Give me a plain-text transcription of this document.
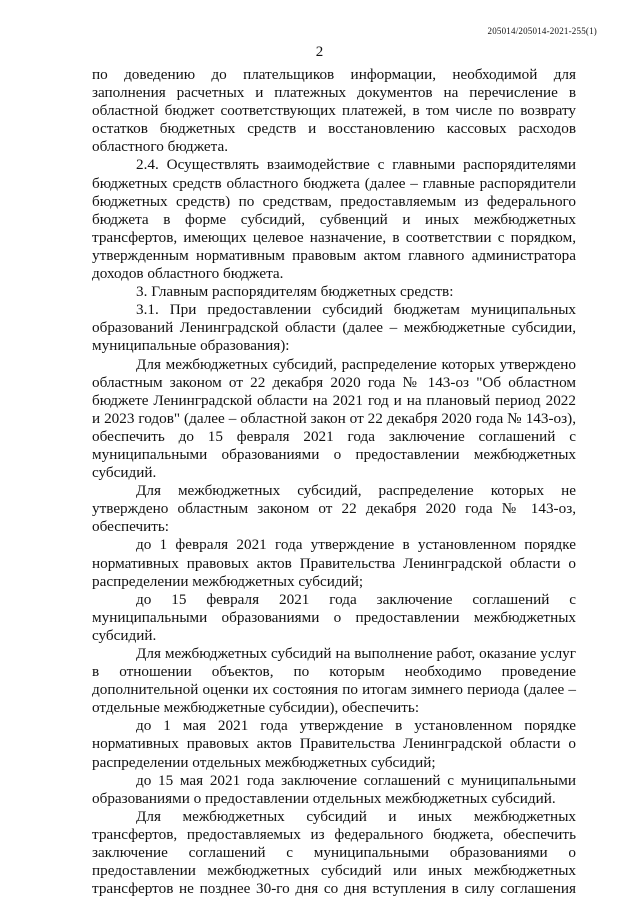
205014/205014-2021-255(1)
2

по доведению до плательщиков информации, необходимой для заполнения расчетных и платежных документов на перечисление в областной бюджет соответствующих платежей, в том числе по возврату остатков бюджетных средств и восстановлению кассовых расходов областного бюджета.

2.4. Осуществлять взаимодействие с главными распорядителями бюджетных средств областного бюджета (далее – главные распорядители бюджетных средств) по средствам, предоставляемым из федерального бюджета в форме субсидий, субвенций и иных межбюджетных трансфертов, имеющих целевое назначение, в соответствии с порядком, утвержденным нормативным правовым актом главного администратора доходов областного бюджета.

3. Главным распорядителям бюджетных средств:

3.1. При предоставлении субсидий бюджетам муниципальных образований Ленинградской области (далее – межбюджетные субсидии, муниципальные образования):

Для межбюджетных субсидий, распределение которых утверждено областным законом от 22 декабря 2020 года № 143-оз "Об областном бюджете Ленинградской области на 2021 год и на плановый период 2022 и 2023 годов" (далее – областной закон от 22 декабря 2020 года № 143-оз), обеспечить до 15 февраля 2021 года заключение соглашений с муниципальными образованиями о предоставлении межбюджетных субсидий.

Для межбюджетных субсидий, распределение которых не утверждено областным законом от 22 декабря 2020 года № 143-оз, обеспечить:

до 1 февраля 2021 года утверждение в установленном порядке нормативных правовых актов Правительства Ленинградской области о распределении межбюджетных субсидий;

до 15 февраля 2021 года заключение соглашений с муниципальными образованиями о предоставлении межбюджетных субсидий.

Для межбюджетных субсидий на выполнение работ, оказание услуг в отношении объектов, по которым необходимо проведение дополнительной оценки их состояния по итогам зимнего периода (далее – отдельные межбюджетные субсидии), обеспечить:

до 1 мая 2021 года утверждение в установленном порядке нормативных правовых актов Правительства Ленинградской области о распределении отдельных межбюджетных субсидий;

до 15 мая 2021 года заключение соглашений с муниципальными образованиями о предоставлении отдельных межбюджетных субсидий.

Для межбюджетных субсидий и иных межбюджетных трансфертов, предоставляемых из федерального бюджета, обеспечить заключение соглашений с муниципальными образованиями о предоставлении межбюджетных субсидий или иных межбюджетных трансфертов не позднее 30-го дня со дня вступления в силу соглашения
